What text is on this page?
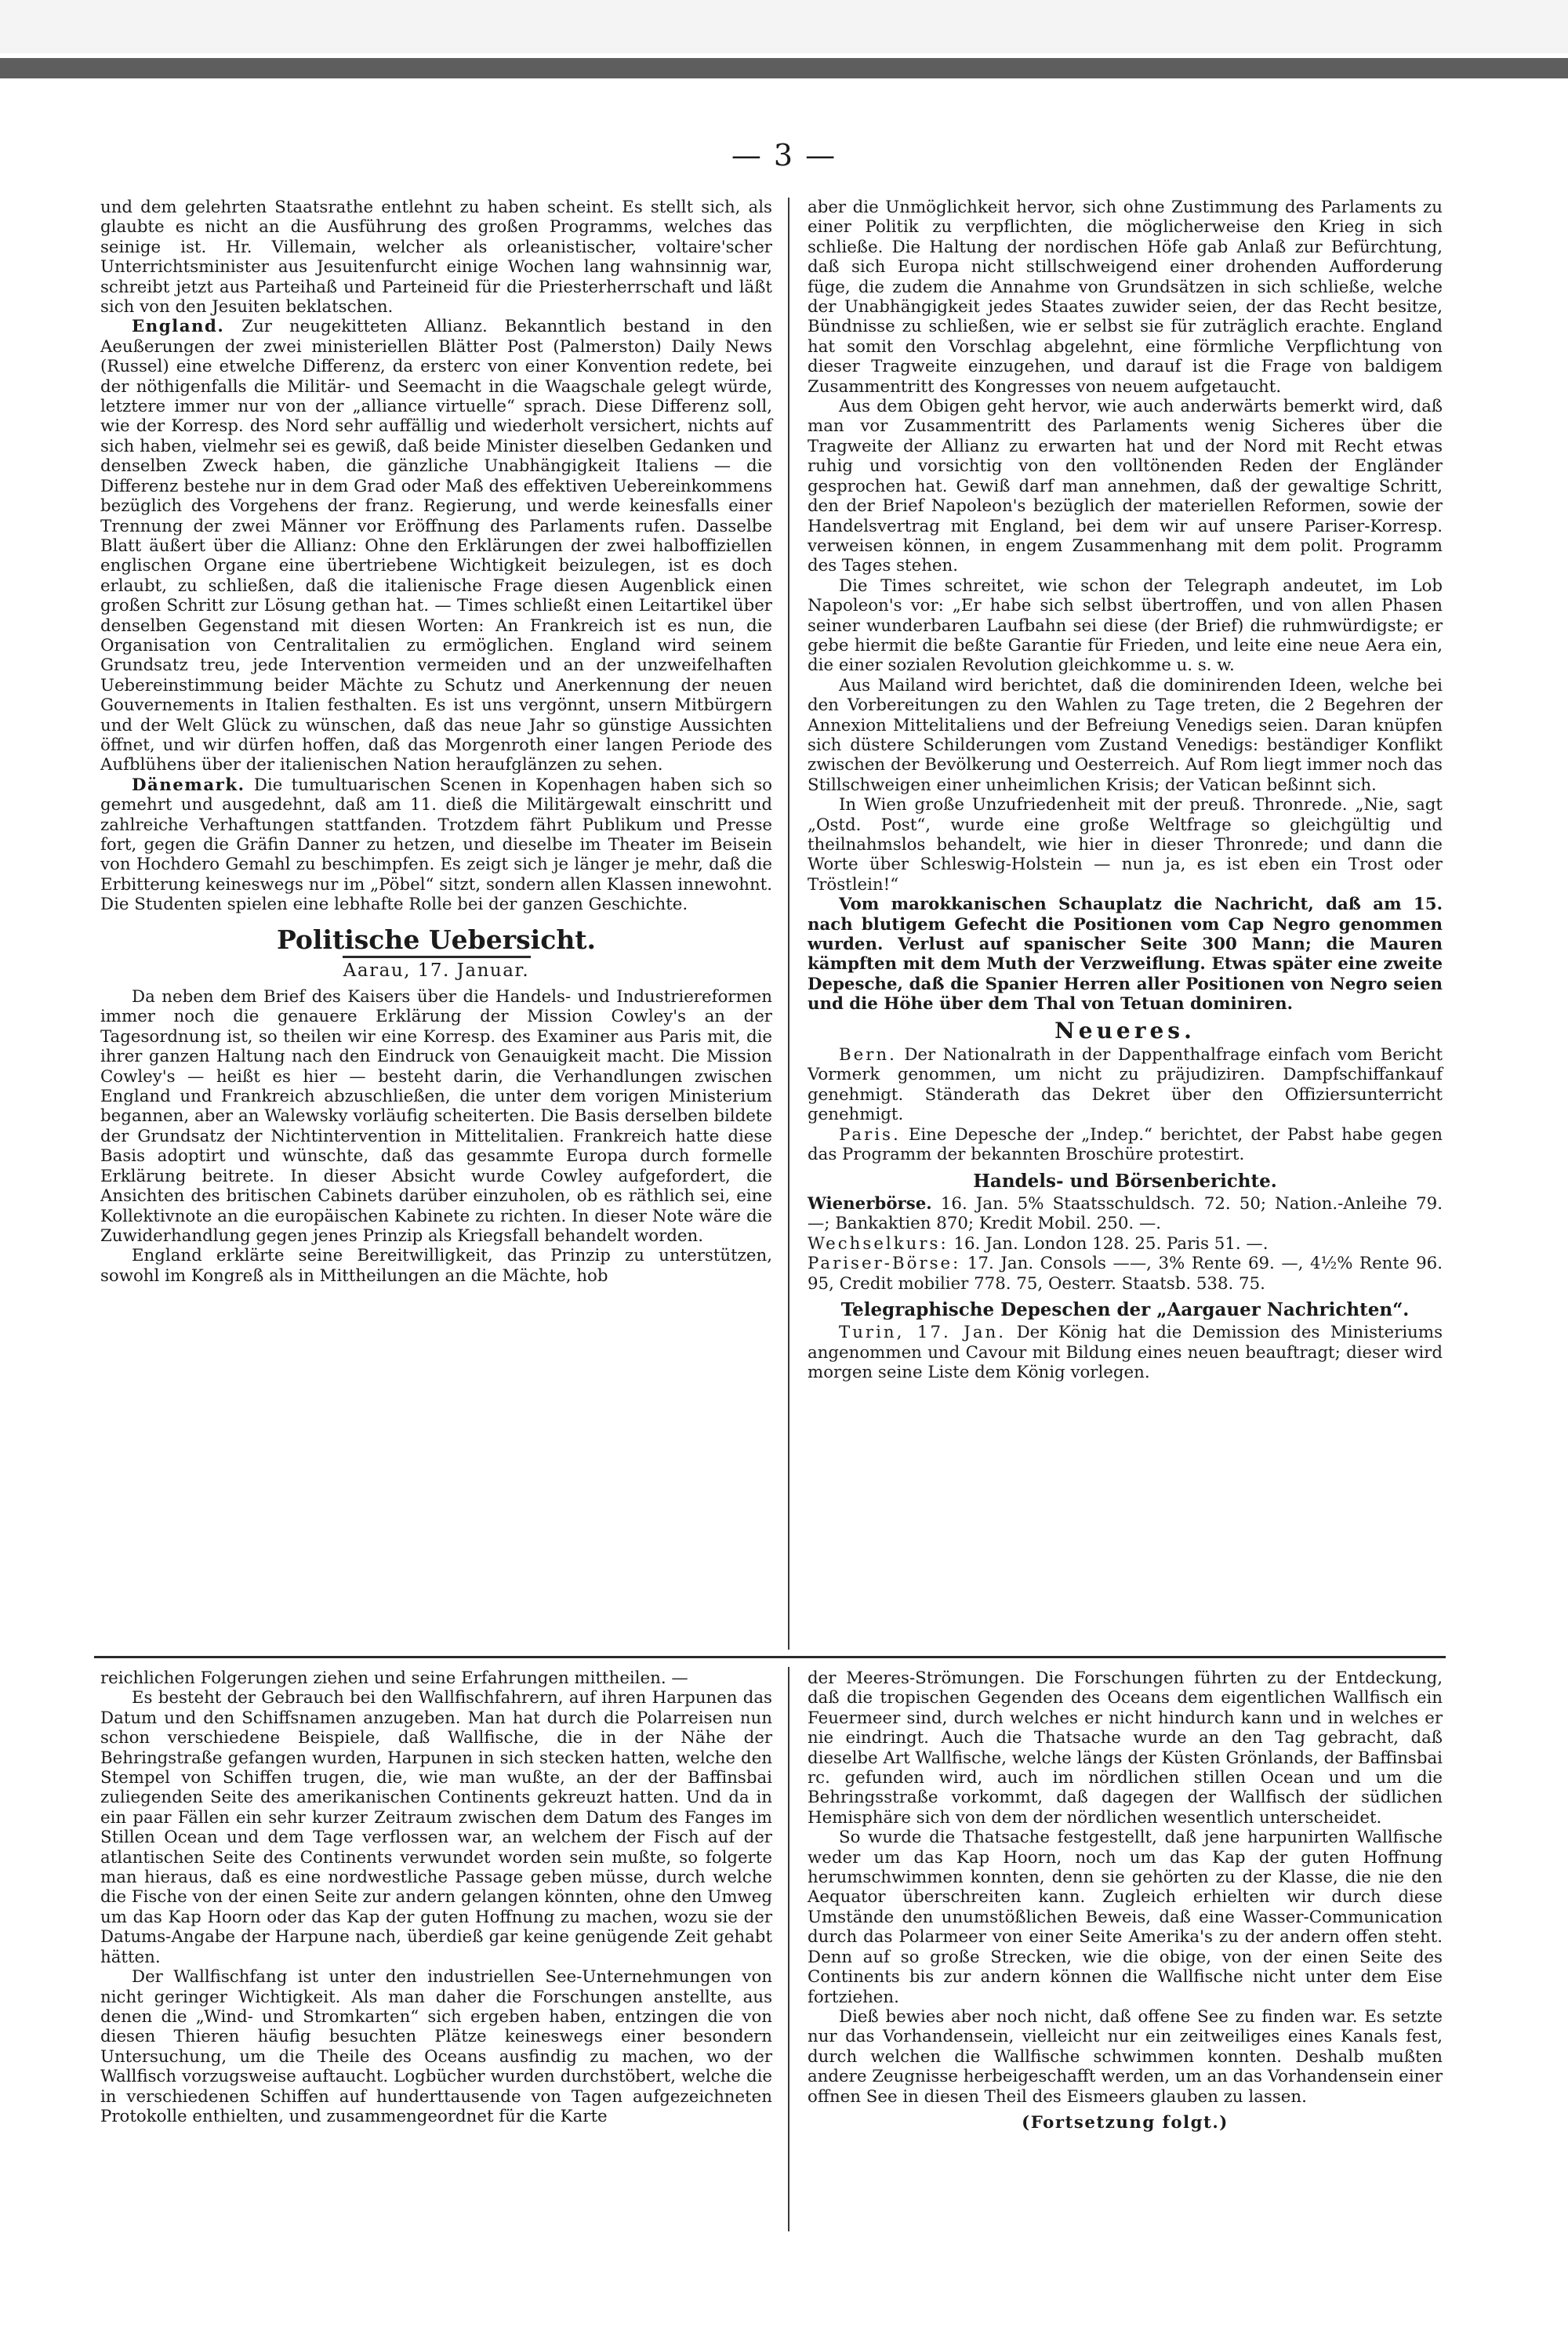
— 3 —

und dem gelehrten Staatsrathe entlehnt zu haben scheint. Es stellt sich, als glaubte es nicht an die Ausführung des großen Programms, welches das seinige ist. Hr. Villemain, welcher als orleanistischer, voltaire'scher Unterrichtsminister aus Jesuitenfurcht einige Wochen lang wahnsinnig war, schreibt jetzt aus Parteihaß und Parteineid für die Priesterherrschaft und läßt sich von den Jesuiten beklatschen.

England. Zur neugekitteten Allianz. Bekanntlich bestand in den Aeußerungen der zwei ministeriellen Blätter Post (Palmerston) Daily News (Russel) eine etwelche Differenz, da ersterc von einer Konvention redete, bei der nöthigenfalls die Militär- und Seemacht in die Waagschale gelegt würde, letztere immer nur von der „alliance virtuelle“ sprach. Diese Differenz soll, wie der Korresp. des Nord sehr auffällig und wiederholt versichert, nichts auf sich haben, vielmehr sei es gewiß, daß beide Minister dieselben Gedanken und denselben Zweck haben, die gänzliche Unabhängigkeit Italiens — die Differenz bestehe nur in dem Grad oder Maß des effektiven Uebereinkommens bezüglich des Vorgehens der franz. Regierung, und werde keinesfalls einer Trennung der zwei Männer vor Eröffnung des Parlaments rufen. Dasselbe Blatt äußert über die Allianz: Ohne den Erklärungen der zwei halboffiziellen englischen Organe eine übertriebene Wichtigkeit beizulegen, ist es doch erlaubt, zu schließen, daß die italienische Frage diesen Augenblick einen großen Schritt zur Lösung gethan hat. — Times schließt einen Leitartikel über denselben Gegenstand mit diesen Worten: An Frankreich ist es nun, die Organisation von Centralitalien zu ermöglichen. England wird seinem Grundsatz treu, jede Intervention vermeiden und an der unzweifelhaften Uebereinstimmung beider Mächte zu Schutz und Anerkennung der neuen Gouvernements in Italien festhalten. Es ist uns vergönnt, unsern Mitbürgern und der Welt Glück zu wünschen, daß das neue Jahr so günstige Aussichten öffnet, und wir dürfen hoffen, daß das Morgenroth einer langen Periode des Aufblühens über der italienischen Nation heraufglänzen zu sehen.

Dänemark. Die tumultuarischen Scenen in Kopenhagen haben sich so gemehrt und ausgedehnt, daß am 11. dieß die Militärgewalt einschritt und zahlreiche Verhaftungen stattfanden. Trotzdem fährt Publikum und Presse fort, gegen die Gräfin Danner zu hetzen, und dieselbe im Theater im Beisein von Hochdero Gemahl zu beschimpfen. Es zeigt sich je länger je mehr, daß die Erbitterung keineswegs nur im „Pöbel“ sitzt, sondern allen Klassen innewohnt. Die Studenten spielen eine lebhafte Rolle bei der ganzen Geschichte.

Politische Uebersicht.
Aarau, 17. Januar.

Da neben dem Brief des Kaisers über die Handels- und Industriereformen immer noch die genauere Erklärung der Mission Cowley's an der Tagesordnung ist, so theilen wir eine Korresp. des Examiner aus Paris mit, die ihrer ganzen Haltung nach den Eindruck von Genauigkeit macht. Die Mission Cowley's — heißt es hier — besteht darin, die Verhandlungen zwischen England und Frankreich abzuschließen, die unter dem vorigen Ministerium begannen, aber an Walewsky vorläufig scheiterten. Die Basis derselben bildete der Grundsatz der Nichtintervention in Mittelitalien. Frankreich hatte diese Basis adoptirt und wünschte, daß das gesammte Europa durch formelle Erklärung beitrete. In dieser Absicht wurde Cowley aufgefordert, die Ansichten des britischen Cabinets darüber einzuholen, ob es räthlich sei, eine Kollektivnote an die europäischen Kabinete zu richten. In dieser Note wäre die Zuwiderhandlung gegen jenes Prinzip als Kriegsfall behandelt worden.

England erklärte seine Bereitwilligkeit, das Prinzip zu unterstützen, sowohl im Kongreß als in Mittheilungen an die Mächte, hob

aber die Unmöglichkeit hervor, sich ohne Zustimmung des Parlaments zu einer Politik zu verpflichten, die möglicherweise den Krieg in sich schließe. Die Haltung der nordischen Höfe gab Anlaß zur Befürchtung, daß sich Europa nicht stillschweigend einer drohenden Aufforderung füge, die zudem die Annahme von Grundsätzen in sich schließe, welche der Unabhängigkeit jedes Staates zuwider seien, der das Recht besitze, Bündnisse zu schließen, wie er selbst sie für zuträglich erachte. England hat somit den Vorschlag abgelehnt, eine förmliche Verpflichtung von dieser Tragweite einzugehen, und darauf ist die Frage von baldigem Zusammentritt des Kongresses von neuem aufgetaucht.

Aus dem Obigen geht hervor, wie auch anderwärts bemerkt wird, daß man vor Zusammentritt des Parlaments wenig Sicheres über die Tragweite der Allianz zu erwarten hat und der Nord mit Recht etwas ruhig und vorsichtig von den volltönenden Reden der Engländer gesprochen hat. Gewiß darf man annehmen, daß der gewaltige Schritt, den der Brief Napoleon's bezüglich der materiellen Reformen, sowie der Handelsvertrag mit England, bei dem wir auf unsere Pariser-Korresp. verweisen können, in engem Zusammenhang mit dem polit. Programm des Tages stehen.

Die Times schreitet, wie schon der Telegraph andeutet, im Lob Napoleon's vor: „Er habe sich selbst übertroffen, und von allen Phasen seiner wunderbaren Laufbahn sei diese (der Brief) die ruhmwürdigste; er gebe hiermit die beßte Garantie für Frieden, und leite eine neue Aera ein, die einer sozialen Revolution gleichkomme u. s. w.

Aus Mailand wird berichtet, daß die dominirenden Ideen, welche bei den Vorbereitungen zu den Wahlen zu Tage treten, die 2 Begehren der Annexion Mittelitaliens und der Befreiung Venedigs seien. Daran knüpfen sich düstere Schilderungen vom Zustand Venedigs: beständiger Konflikt zwischen der Bevölkerung und Oesterreich. Auf Rom liegt immer noch das Stillschweigen einer unheimlichen Krisis; der Vatican beßinnt sich.

In Wien große Unzufriedenheit mit der preuß. Thronrede. „Nie, sagt „Ostd. Post“, wurde eine große Weltfrage so gleichgültig und theilnahmslos behandelt, wie hier in dieser Thronrede; und dann die Worte über Schleswig-Holstein — nun ja, es ist eben ein Trost oder Tröstlein!“

Vom marokkanischen Schauplatz die Nachricht, daß am 15. nach blutigem Gefecht die Positionen vom Cap Negro genommen wurden. Verlust auf spanischer Seite 300 Mann; die Mauren kämpften mit dem Muth der Verzweiflung. Etwas später eine zweite Depesche, daß die Spanier Herren aller Positionen von Negro seien und die Höhe über dem Thal von Tetuan dominiren.

Neueres.

Bern. Der Nationalrath in der Dappenthalfrage einfach vom Bericht Vormerk genommen, um nicht zu präjudiziren. Dampfschiffankauf genehmigt. Ständerath das Dekret über den Offiziersunterricht genehmigt.

Paris. Eine Depesche der „Indep.“ berichtet, der Pabst habe gegen das Programm der bekannten Broschüre protestirt.

Handels- und Börsenberichte.

Wienerbörse. 16. Jan. 5% Staatsschuldsch. 72. 50; Nation.-Anleihe 79. —; Bankaktien 870; Kredit Mobil. 250. —.

Wechselkurs: 16. Jan. London 128. 25. Paris 51. —.

Pariser-Börse: 17. Jan. Consols ——, 3% Rente 69. —, 4½% Rente 96. 95, Credit mobilier 778. 75, Oesterr. Staatsb. 538. 75.

Telegraphische Depeschen der „Aargauer Nachrichten“.

Turin, 17. Jan. Der König hat die Demission des Ministeriums angenommen und Cavour mit Bildung eines neuen beauftragt; dieser wird morgen seine Liste dem König vorlegen.

reichlichen Folgerungen ziehen und seine Erfahrungen mittheilen. —

Es besteht der Gebrauch bei den Wallfischfahrern, auf ihren Harpunen das Datum und den Schiffsnamen anzugeben. Man hat durch die Polarreisen nun schon verschiedene Beispiele, daß Wallfische, die in der Nähe der Behringstraße gefangen wurden, Harpunen in sich stecken hatten, welche den Stempel von Schiffen trugen, die, wie man wußte, an der der Baffinsbai zuliegenden Seite des amerikanischen Continents gekreuzt hatten. Und da in ein paar Fällen ein sehr kurzer Zeitraum zwischen dem Datum des Fanges im Stillen Ocean und dem Tage verflossen war, an welchem der Fisch auf der atlantischen Seite des Continents verwundet worden sein mußte, so folgerte man hieraus, daß es eine nordwestliche Passage geben müsse, durch welche die Fische von der einen Seite zur andern gelangen könnten, ohne den Umweg um das Kap Hoorn oder das Kap der guten Hoffnung zu machen, wozu sie der Datums-Angabe der Harpune nach, überdieß gar keine genügende Zeit gehabt hätten.

Der Wallfischfang ist unter den industriellen See-Unternehmungen von nicht geringer Wichtigkeit. Als man daher die Forschungen anstellte, aus denen die „Wind- und Stromkarten“ sich ergeben haben, entzingen die von diesen Thieren häufig besuchten Plätze keineswegs einer besondern Untersuchung, um die Theile des Oceans ausfindig zu machen, wo der Wallfisch vorzugsweise auftaucht. Logbücher wurden durchstöbert, welche die in verschiedenen Schiffen auf hunderttausende von Tagen aufgezeichneten Protokolle enthielten, und zusammengeordnet für die Karte

der Meeres-Strömungen. Die Forschungen führten zu der Entdeckung, daß die tropischen Gegenden des Oceans dem eigentlichen Wallfisch ein Feuermeer sind, durch welches er nicht hindurch kann und in welches er nie eindringt. Auch die Thatsache wurde an den Tag gebracht, daß dieselbe Art Wallfische, welche längs der Küsten Grönlands, der Baffinsbai rc. gefunden wird, auch im nördlichen stillen Ocean und um die Behringsstraße vorkommt, daß dagegen der Wallfisch der südlichen Hemisphäre sich von dem der nördlichen wesentlich unterscheidet.

So wurde die Thatsache festgestellt, daß jene harpunirten Wallfische weder um das Kap Hoorn, noch um das Kap der guten Hoffnung herumschwimmen konnten, denn sie gehörten zu der Klasse, die nie den Aequator überschreiten kann. Zugleich erhielten wir durch diese Umstände den unumstößlichen Beweis, daß eine Wasser-Communication durch das Polarmeer von einer Seite Amerika's zu der andern offen steht. Denn auf so große Strecken, wie die obige, von der einen Seite des Continents bis zur andern können die Wallfische nicht unter dem Eise fortziehen.

Dieß bewies aber noch nicht, daß offene See zu finden war. Es setzte nur das Vorhandensein, vielleicht nur ein zeitweiliges eines Kanals fest, durch welchen die Wallfische schwimmen konnten. Deshalb mußten andere Zeugnisse herbeigeschafft werden, um an das Vorhandensein einer offnen See in diesen Theil des Eismeers glauben zu lassen.

(Fortsetzung folgt.)
